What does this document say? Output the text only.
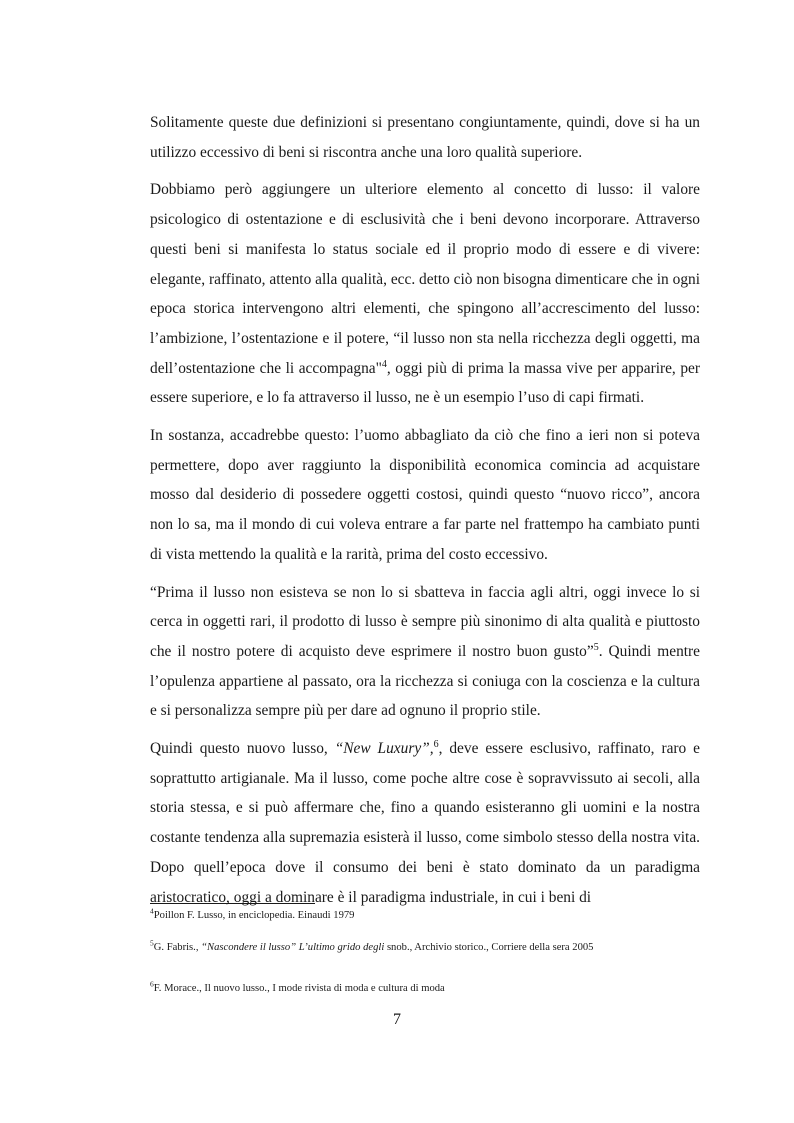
Solitamente queste due definizioni si presentano congiuntamente, quindi, dove si ha un utilizzo eccessivo di beni si riscontra anche una loro qualità superiore.

Dobbiamo però aggiungere un ulteriore elemento al concetto di lusso: il valore psicologico di ostentazione e di esclusività che i beni devono incorporare. Attraverso questi beni si manifesta lo status sociale ed il proprio modo di essere e di vivere: elegante, raffinato, attento alla qualità, ecc. detto ciò non bisogna dimenticare che in ogni epoca storica intervengono altri elementi, che spingono all’accrescimento del lusso: l’ambizione, l’ostentazione e il potere, “il lusso non sta nella ricchezza degli oggetti, ma dell’ostentazione che li accompagna"$^4$, oggi più di prima la massa vive per apparire, per essere superiore, e lo fa attraverso il lusso, ne è un esempio l’uso di capi firmati.

In sostanza, accadrebbe questo: l’uomo abbagliato da ciò che fino a ieri non si poteva permettere, dopo aver raggiunto la disponibilità economica comincia ad acquistare mosso dal desiderio di possedere oggetti costosi, quindi questo “nuovo ricco”, ancora non lo sa, ma il mondo di cui voleva entrare a far parte nel frattempo ha cambiato punti di vista mettendo la qualità e la rarità, prima del costo eccessivo.

“Prima il lusso non esisteva se non lo si sbatteva in faccia agli altri, oggi invece lo si cerca in oggetti rari, il prodotto di lusso è sempre più sinonimo di alta qualità e piuttosto che il nostro potere di acquisto deve esprimere il nostro buon gusto”$^5$. Quindi mentre l’opulenza appartiene al passato, ora la ricchezza si coniuga con la coscienza e la cultura e si personalizza sempre più per dare ad ognuno il proprio stile.

Quindi questo nuovo lusso, “New Luxury”,$^6$, deve essere esclusivo, raffinato, raro e soprattutto artigianale. Ma il lusso, come poche altre cose è sopravvissuto ai secoli, alla storia stessa, e si può affermare che, fino a quando esisteranno gli uomini e la nostra costante tendenza alla supremazia esisterà il lusso, come simbolo stesso della nostra vita. Dopo quell’epoca dove il consumo dei beni è stato dominato da un paradigma aristocratico, oggi a dominare è il paradigma industriale, in cui i beni di

$^4$Poillon F. Lusso, in enciclopedia. Einaudi 1979

$^5$G. Fabris., “Nascondere il lusso” L’ultimo grido degli snob., Archivio storico., Corriere della sera 2005

$^6$F. Morace., Il nuovo lusso., I mode rivista di moda e cultura di moda

7
